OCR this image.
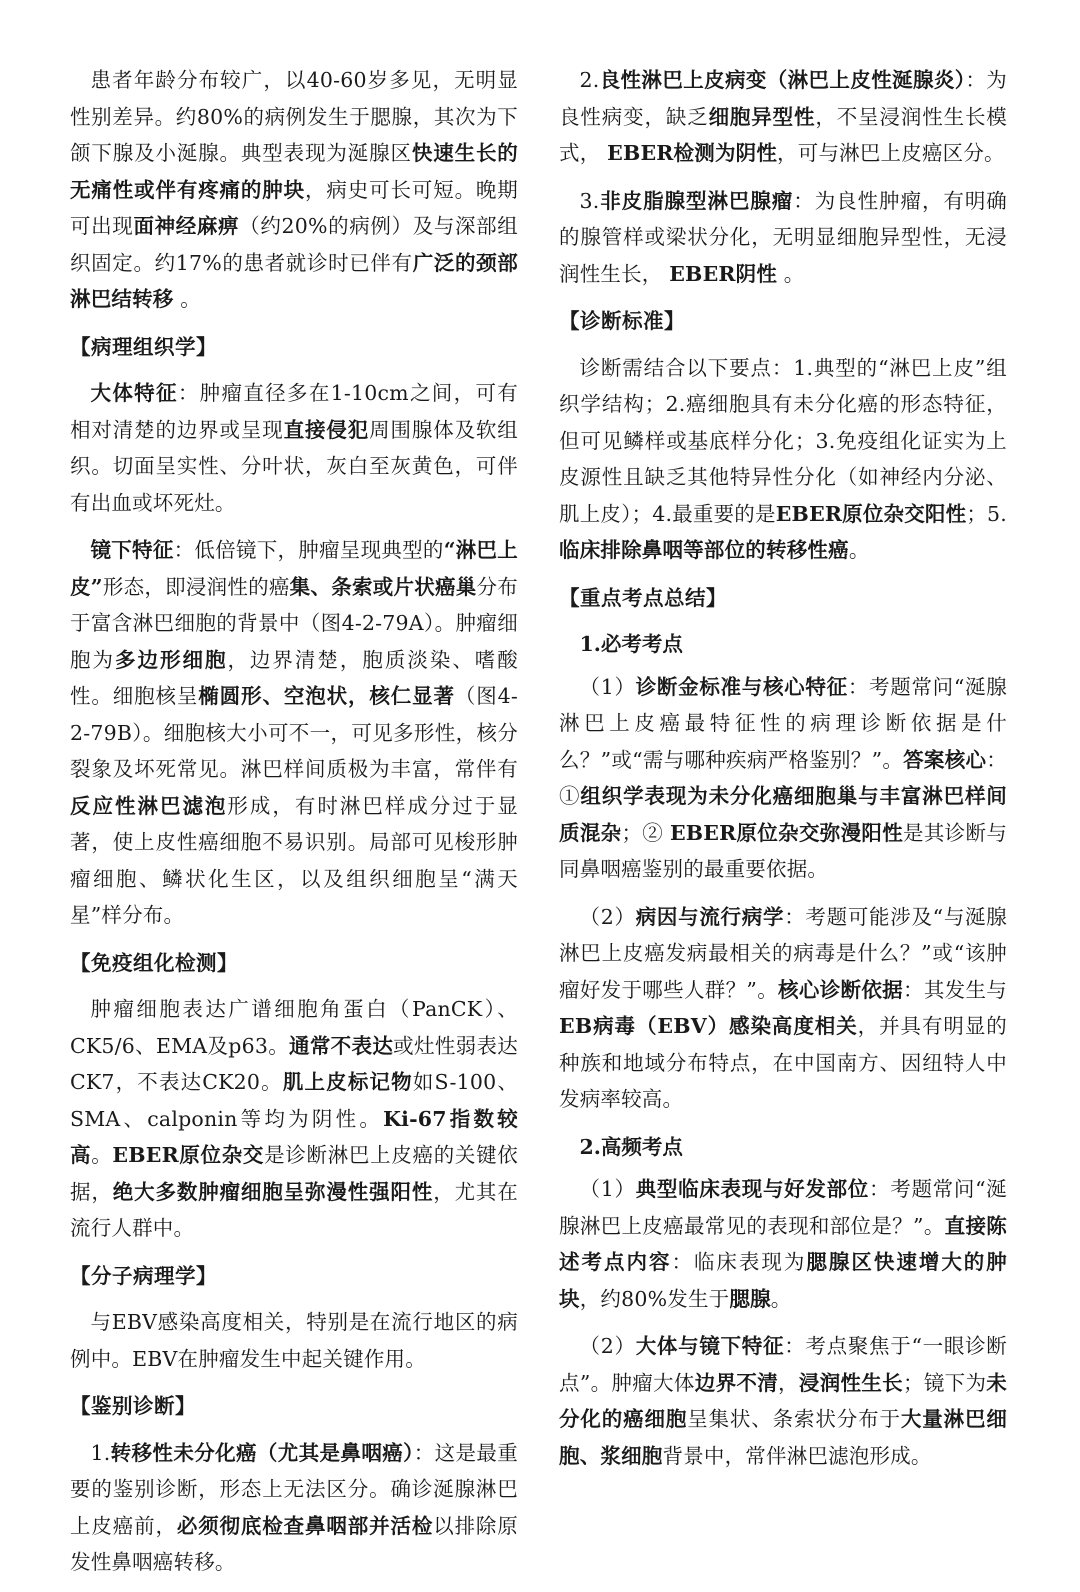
患者年龄分布较广，以40-60岁多见，无明显性别差异。约80%的病例发生于腮腺，其次为下颌下腺及小涎腺。典型表现为涎腺区快速生长的无痛性或伴有疼痛的肿块，病史可长可短。晚期可出现面神经麻痹（约20%的病例）及与深部组织固定。约17%的患者就诊时已伴有广泛的颈部淋巴结转移 。

【病理组织学】

大体特征：肿瘤直径多在1-10cm之间，可有相对清楚的边界或呈现直接侵犯周围腺体及软组织。切面呈实性、分叶状，灰白至灰黄色，可伴有出血或坏死灶。

镜下特征：低倍镜下，肿瘤呈现典型的“淋巴上皮”形态，即浸润性的癌集、条索或片状癌巢分布于富含淋巴细胞的背景中（图4-2-79A）。肿瘤细胞为多边形细胞，边界清楚，胞质淡染、嗜酸性。细胞核呈椭圆形、空泡状，核仁显著（图4-2-79B）。细胞核大小可不一，可见多形性，核分裂象及坏死常见。淋巴样间质极为丰富，常伴有反应性淋巴滤泡形成，有时淋巴样成分过于显著，使上皮性癌细胞不易识别。局部可见梭形肿瘤细胞、鳞状化生区，以及组织细胞呈“满天星”样分布。

【免疫组化检测】

肿瘤细胞表达广谱细胞角蛋白（PanCK）、CK5/6、EMA及p63。通常不表达或灶性弱表达CK7，不表达CK20。肌上皮标记物如S-100、SMA、calponin等均为阴性。Ki-67指数较高。EBER原位杂交是诊断淋巴上皮癌的关键依据，绝大多数肿瘤细胞呈弥漫性强阳性，尤其在流行人群中。

【分子病理学】

与EBV感染高度相关，特别是在流行地区的病例中。EBV在肿瘤发生中起关键作用。

【鉴别诊断】

1.转移性未分化癌（尤其是鼻咽癌）：这是最重要的鉴别诊断，形态上无法区分。确诊涎腺淋巴上皮癌前，必须彻底检查鼻咽部并活检以排除原发性鼻咽癌转移。

2.良性淋巴上皮病变（淋巴上皮性涎腺炎）：为良性病变，缺乏细胞异型性，不呈浸润性生长模式， EBER检测为阴性，可与淋巴上皮癌区分。

3.非皮脂腺型淋巴腺瘤：为良性肿瘤，有明确的腺管样或梁状分化，无明显细胞异型性，无浸润性生长， EBER阴性 。

【诊断标准】

诊断需结合以下要点：1.典型的“淋巴上皮”组织学结构；2.癌细胞具有未分化癌的形态特征，但可见鳞样或基底样分化；3.免疫组化证实为上皮源性且缺乏其他特异性分化（如神经内分泌、肌上皮）；4.最重要的是EBER原位杂交阳性；5.临床排除鼻咽等部位的转移性癌。

【重点考点总结】
1.必考考点

（1）诊断金标准与核心特征：考题常问“涎腺淋巴上皮癌最特征性的病理诊断依据是什么？”或“需与哪种疾病严格鉴别？”。答案核心：①组织学表现为未分化癌细胞巢与丰富淋巴样间质混杂；② EBER原位杂交弥漫阳性是其诊断与同鼻咽癌鉴别的最重要依据。

（2）病因与流行病学：考题可能涉及“与涎腺淋巴上皮癌发病最相关的病毒是什么？”或“该肿瘤好发于哪些人群？”。核心诊断依据：其发生与EB病毒（EBV）感染高度相关，并具有明显的种族和地域分布特点，在中国南方、因纽特人中发病率较高。

2.高频考点

（1）典型临床表现与好发部位：考题常问“涎腺淋巴上皮癌最常见的表现和部位是？”。直接陈述考点内容：临床表现为腮腺区快速增大的肿块，约80%发生于腮腺。

（2）大体与镜下特征：考点聚焦于“一眼诊断点”。肿瘤大体边界不清，浸润性生长；镜下为未分化的癌细胞呈集状、条索状分布于大量淋巴细胞、浆细胞背景中，常伴淋巴滤泡形成。
